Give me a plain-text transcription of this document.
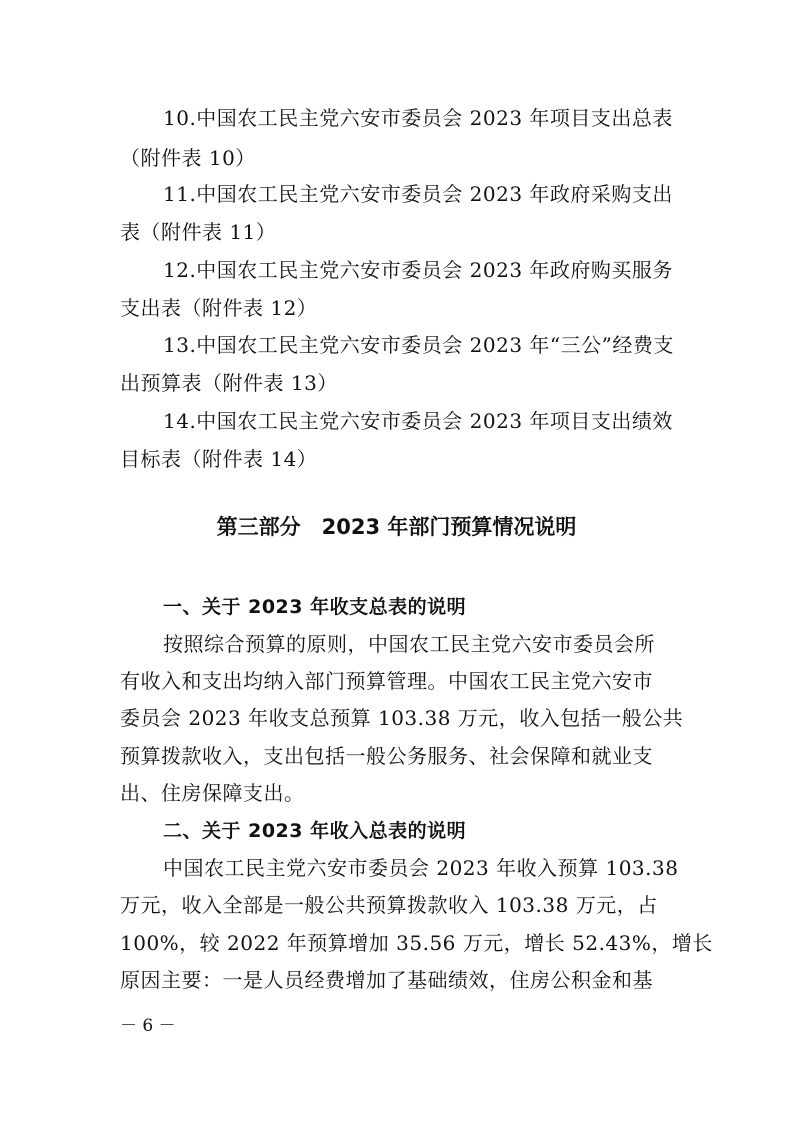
10.中国农工民主党六安市委员会 2023 年项目支出总表
（附件表 10）
11.中国农工民主党六安市委员会 2023 年政府采购支出
表（附件表 11）
12.中国农工民主党六安市委员会 2023 年政府购买服务
支出表（附件表 12）
13.中国农工民主党六安市委员会 2023 年“三公”经费支
出预算表（附件表 13）
14.中国农工民主党六安市委员会 2023 年项目支出绩效
目标表（附件表 14）
第三部分　2023 年部门预算情况说明
一、关于 2023 年收支总表的说明
按照综合预算的原则，中国农工民主党六安市委员会所
有收入和支出均纳入部门预算管理。中国农工民主党六安市
委员会 2023 年收支总预算 103.38 万元，收入包括一般公共
预算拨款收入，支出包括一般公务服务、社会保障和就业支
出、住房保障支出。
二、关于 2023 年收入总表的说明
中国农工民主党六安市委员会 2023 年收入预算 103.38
万元，收入全部是一般公共预算拨款收入 103.38 万元，占
100%，较 2022 年预算增加 35.56 万元，增长 52.43%，增长
原因主要：一是人员经费增加了基础绩效，住房公积金和基
－ 6 －
